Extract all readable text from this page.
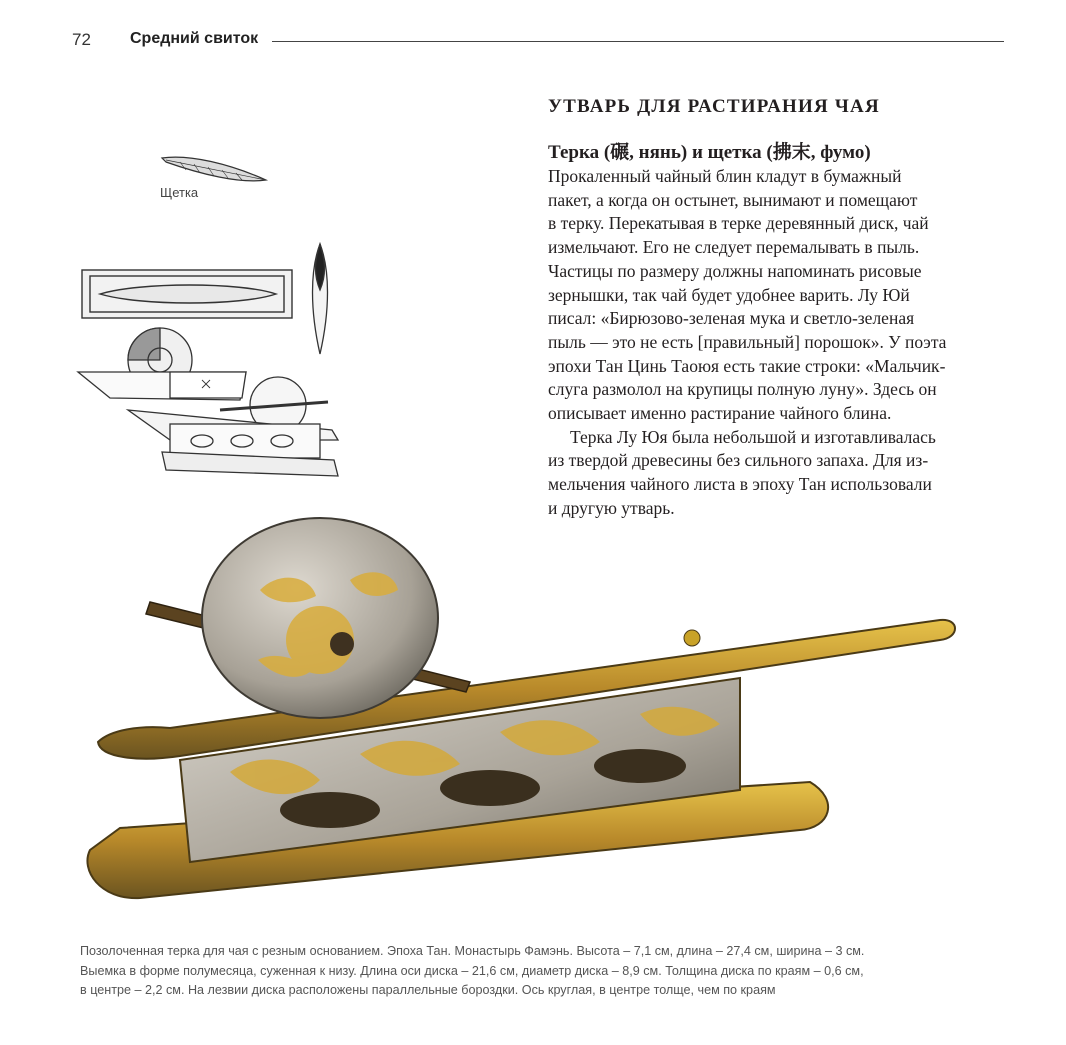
72 Средний свиток
УТВАРЬ ДЛЯ РАСТИРАНИЯ ЧАЯ
Терка (碾, нянь) и щетка (拂末, фумо)

Прокаленный чайный блин кладут в бумажный
пакет, а когда он остынет, вынимают и помещают
в терку. Перекатывая в терке деревянный диск, чай
измельчают. Его не следует перемалывать в пыль.
Частицы по размеру должны напоминать рисовые
зернышки, так чай будет удобнее варить. Лу Юй
писал: «Бирюзово-зеленая мука и светло-зеленая
пыль — это не есть [правильный] порошок». У поэта
эпохи Тан Цинь Таоюя есть такие строки: «Мальчик-
слуга размолол на крупицы полную луну». Здесь он
описывает именно растирание чайного блина.

Терка Лу Юя была небольшой и изготавливалась
из твердой древесины без сильного запаха. Для из-
мельчения чайного листа в эпоху Тан использовали
и другую утварь.

Щетка
Позолоченная терка для чая с резным основанием. Эпоха Тан. Монастырь Фамэнь. Высота – 7,1 см, длина – 27,4 см, ширина – 3 см.
Выемка в форме полумесяца, суженная к низу. Длина оси диска – 21,6 см, диаметр диска – 8,9 см. Толщина диска по краям – 0,6 см,
в центре – 2,2 см. На лезвии диска расположены параллельные бороздки. Ось круглая, в центре толще, чем по краям
